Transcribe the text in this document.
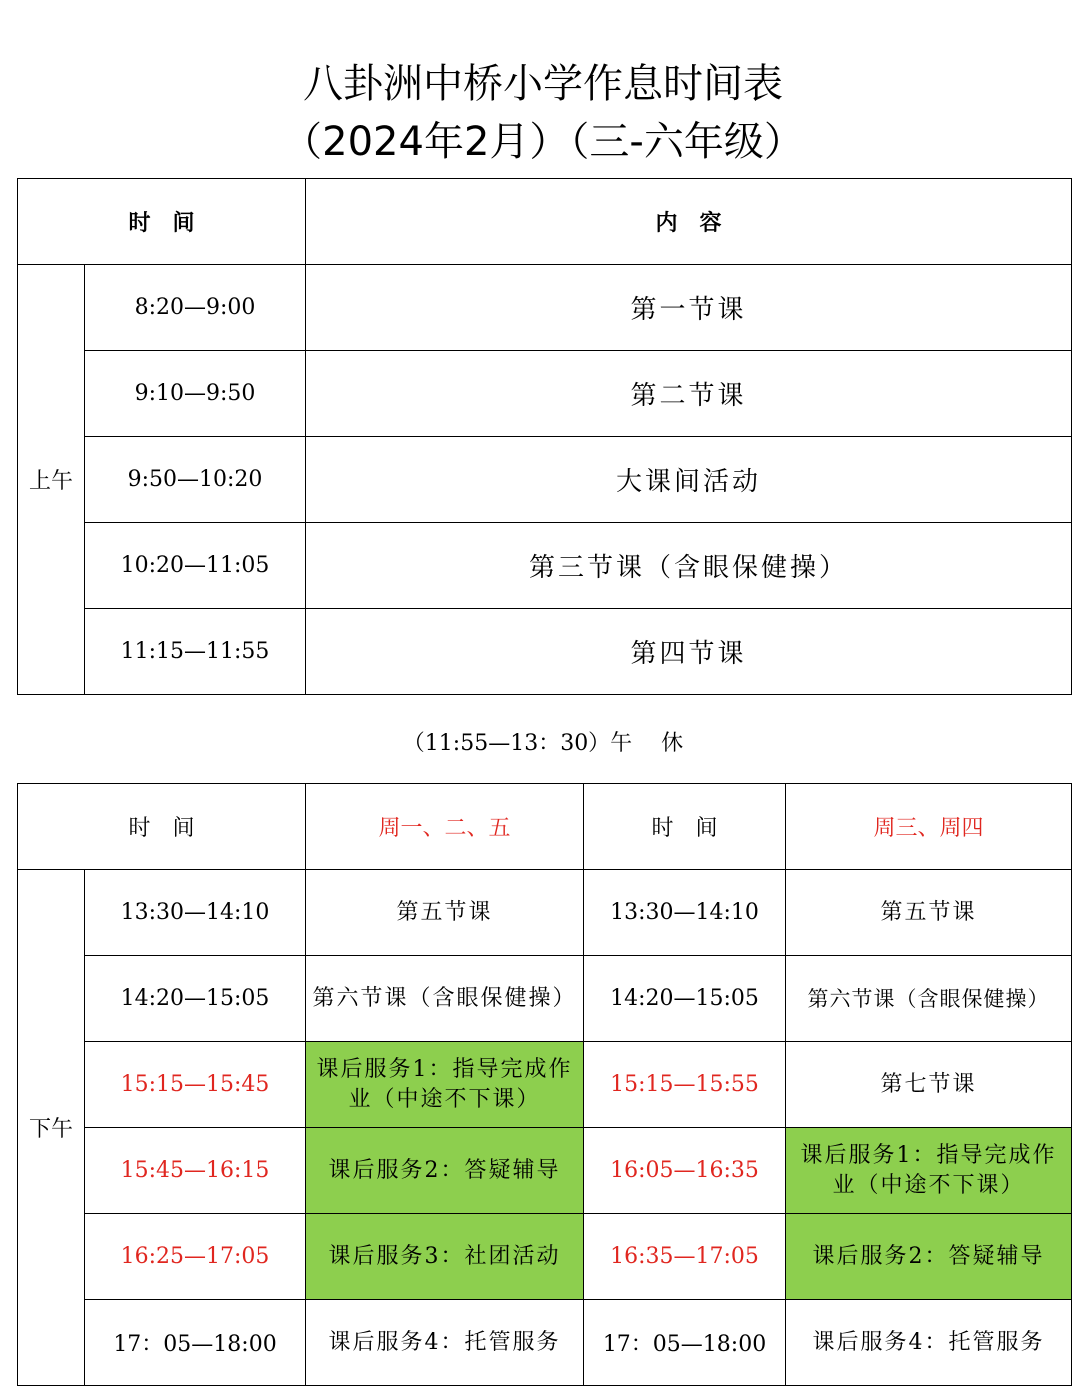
八卦洲中桥小学作息时间表
（2024年2月）（三-六年级）
时　间		内　容
上午	8:20—9:00	第一节课
	9:10—9:50	第二节课
	9:50—10:20	大课间活动
	10:20—11:05	第三节课（含眼保健操）
	11:15—11:55	第四节课
（11:55—13：30）午　 休
时　间		周一、二、五	时　间	周三、周四
下午	13:30—14:10	第五节课	13:30—14:10	第五节课
	14:20—15:05	第六节课（含眼保健操）	14:20—15:05	第六节课（含眼保健操）
	15:15—15:45	课后服务1：指导完成作业（中途不下课）	15:15—15:55	第七节课
	15:45—16:15	课后服务2：答疑辅导	16:05—16:35	课后服务1：指导完成作业（中途不下课）
	16:25—17:05	课后服务3：社团活动	16:35—17:05	课后服务2：答疑辅导
	17：05—18:00	课后服务4：托管服务	17：05—18:00	课后服务4：托管服务
